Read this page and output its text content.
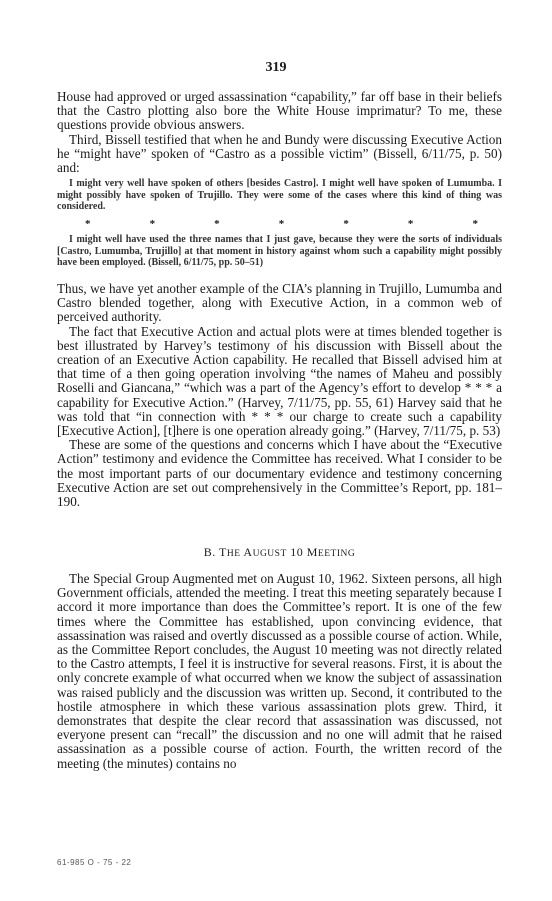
319

House had approved or urged assassination “capability,” far off base in their beliefs that the Castro plotting also bore the White House imprimatur? To me, these questions provide obvious answers.

Third, Bissell testified that when he and Bundy were discussing Executive Action he “might have” spoken of “Castro as a possible victim” (Bissell, 6/11/75, p. 50) and:

I might very well have spoken of others [besides Castro]. I might well have spoken of Lumumba. I might possibly have spoken of Trujillo. They were some of the cases where this kind of thing was considered.

*	*	*	*	*	*	*

I might well have used the three names that I just gave, because they were the sorts of individuals [Castro, Lumumba, Trujillo] at that moment in history against whom such a capability might possibly have been employed. (Bissell, 6/11/75, pp. 50–51)

Thus, we have yet another example of the CIA’s planning in Trujillo, Lumumba and Castro blended together, along with Executive Action, in a common web of perceived authority.

The fact that Executive Action and actual plots were at times blended together is best illustrated by Harvey’s testimony of his discussion with Bissell about the creation of an Executive Action capability. He recalled that Bissell advised him at that time of a then going operation involving “the names of Maheu and possibly Roselli and Giancana,” “which was a part of the Agency’s effort to develop * * * a capability for Executive Action.” (Harvey, 7/11/75, pp. 55, 61) Harvey said that he was told that “in connection with * * * our charge to create such a capability [Executive Action], [t]here is one operation already going.” (Harvey, 7/11/75, p. 53)

These are some of the questions and concerns which I have about the “Executive Action” testimony and evidence the Committee has received. What I consider to be the most important parts of our documentary evidence and testimony concerning Executive Action are set out comprehensively in the Committee’s Report, pp. 181–190.

B. THE AUGUST 10 MEETING

The Special Group Augmented met on August 10, 1962. Sixteen persons, all high Government officials, attended the meeting. I treat this meeting separately because I accord it more importance than does the Committee’s report. It is one of the few times where the Committee has established, upon convincing evidence, that assassination was raised and overtly discussed as a possible course of action. While, as the Committee Report concludes, the August 10 meeting was not directly related to the Castro attempts, I feel it is instructive for several reasons. First, it is about the only concrete example of what occurred when we know the subject of assassination was raised publicly and the discussion was written up. Second, it contributed to the hostile atmosphere in which these various assassination plots grew. Third, it demonstrates that despite the clear record that assassination was discussed, not everyone present can “recall” the discussion and no one will admit that he raised assassination as a possible course of action. Fourth, the written record of the meeting (the minutes) contains no

61-985 O - 75 - 22
